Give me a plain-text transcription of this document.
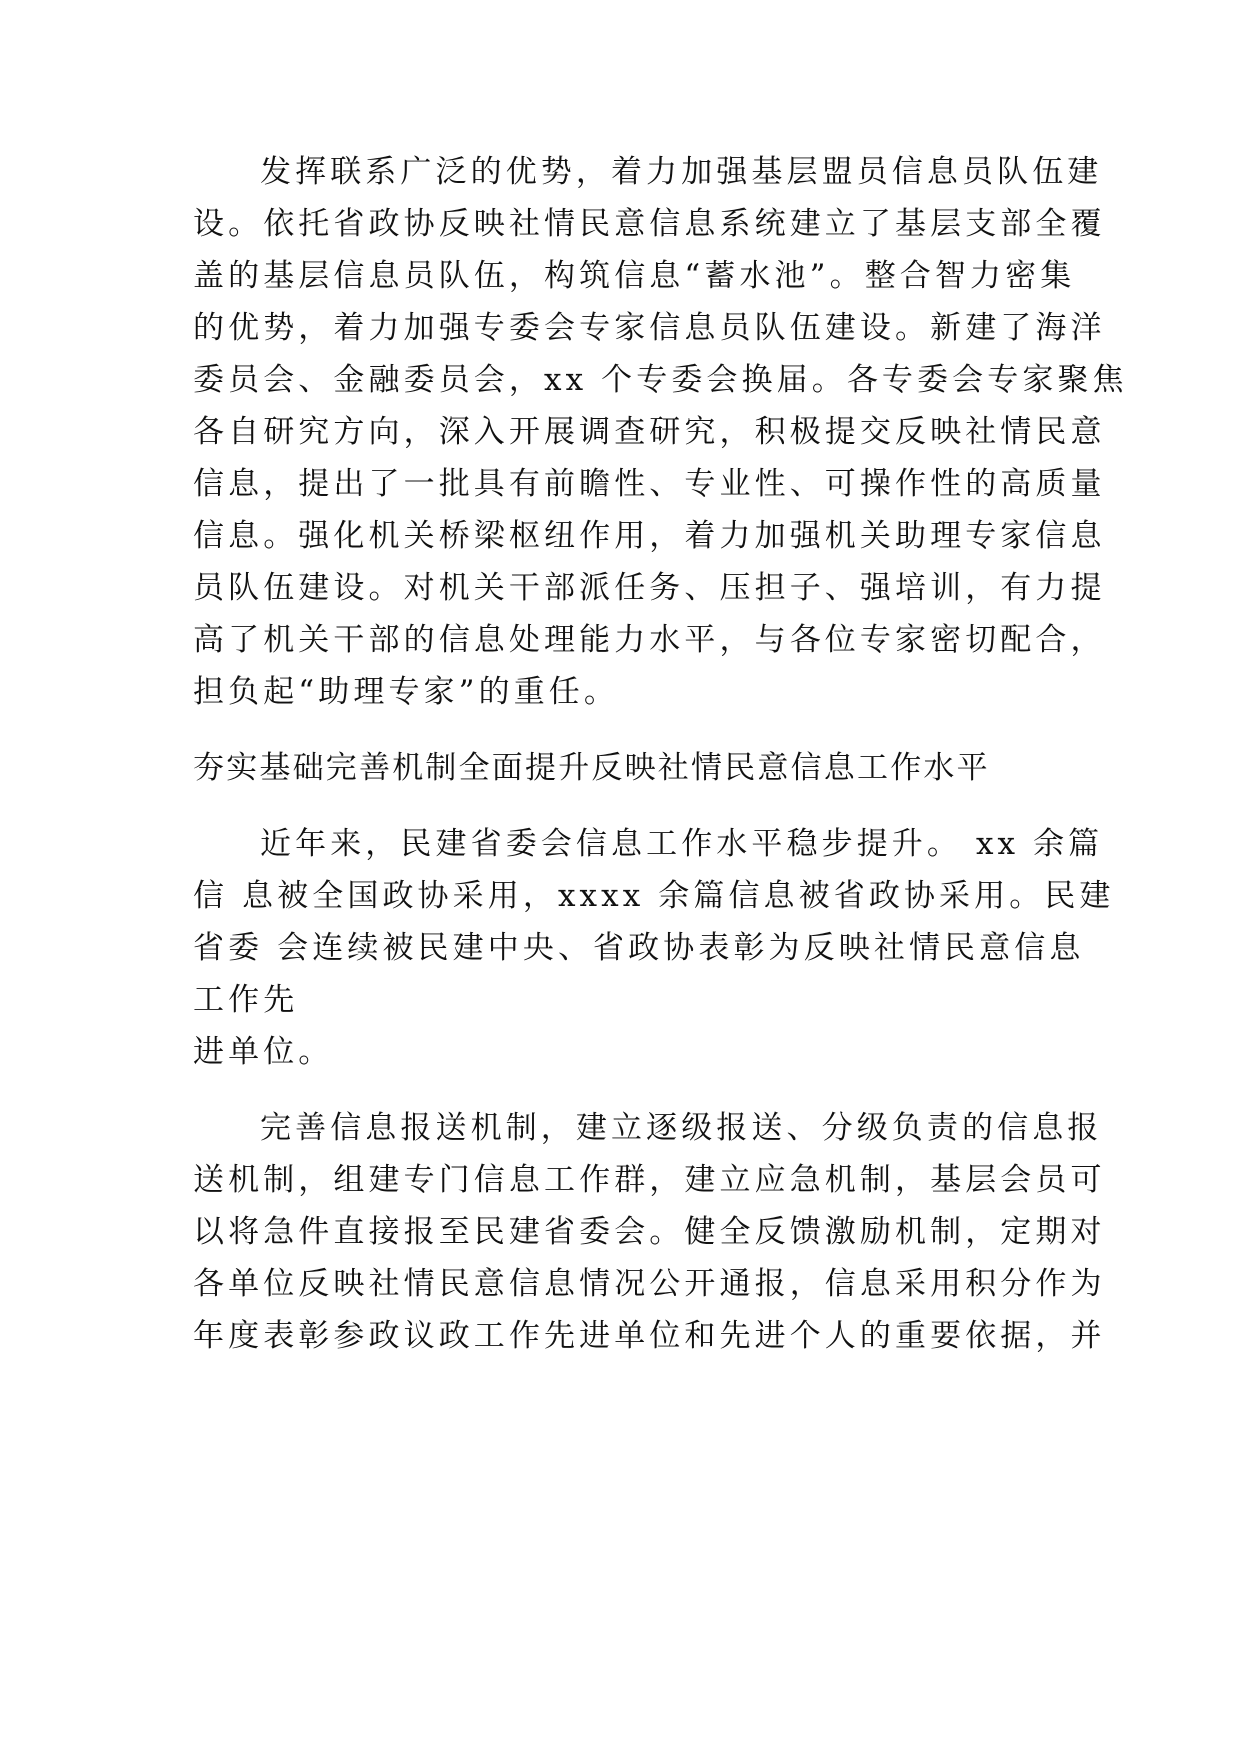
发挥联系广泛的优势，着力加强基层盟员信息员队伍建
设。依托省政协反映社情民意信息系统建立了基层支部全覆
盖的基层信息员队伍，构筑信息“蓄水池”。整合智力密集
的优势，着力加强专委会专家信息员队伍建设。新建了海洋
委员会、金融委员会，xx 个专委会换届。各专委会专家聚焦
各自研究方向，深入开展调查研究，积极提交反映社情民意
信息，提出了一批具有前瞻性、专业性、可操作性的高质量
信息。强化机关桥梁枢纽作用，着力加强机关助理专家信息
员队伍建设。对机关干部派任务、压担子、强培训，有力提
高了机关干部的信息处理能力水平，与各位专家密切配合，
担负起“助理专家”的重任。
夯实基础完善机制全面提升反映社情民意信息工作水平
近年来，民建省委会信息工作水平稳步提升。 xx 余篇
信 息被全国政协采用，xxxx 余篇信息被省政协采用。民建
省委 会连续被民建中央、省政协表彰为反映社情民意信息
工作先
进单位。
完善信息报送机制，建立逐级报送、分级负责的信息报
送机制，组建专门信息工作群，建立应急机制，基层会员可
以将急件直接报至民建省委会。健全反馈激励机制，定期对
各单位反映社情民意信息情况公开通报，信息采用积分作为
年度表彰参政议政工作先进单位和先进个人的重要依据，并
